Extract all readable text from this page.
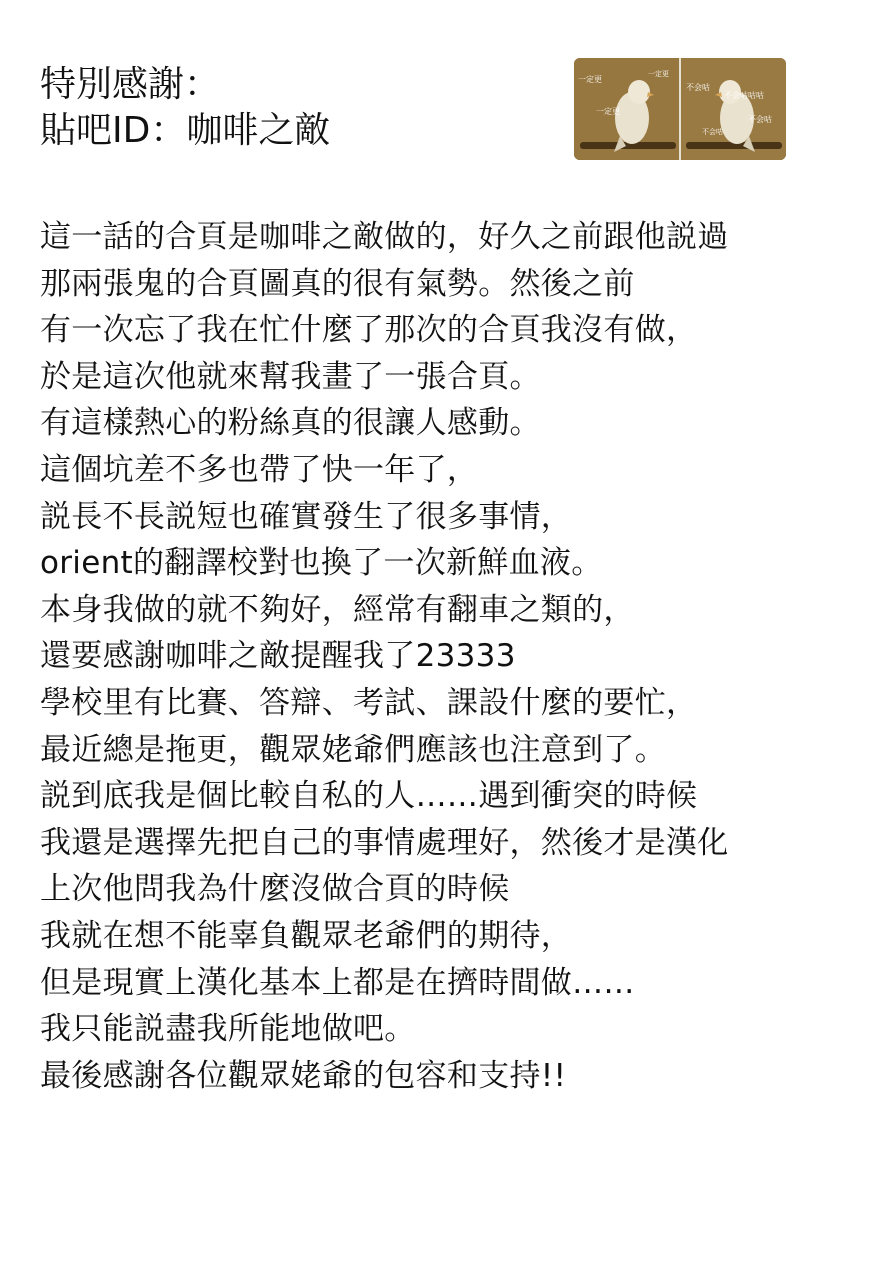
特別感謝：
貼吧ID：咖啡之敵
一定更
一定更
一定更
不会咕
不会咕咕咕
不会咕
不会咕
這一話的合頁是咖啡之敵做的，好久之前跟他説過
那兩張鬼的合頁圖真的很有氣勢。然後之前
有一次忘了我在忙什麼了那次的合頁我沒有做，
於是這次他就來幫我畫了一張合頁。
有這樣熱心的粉絲真的很讓人感動。
這個坑差不多也帶了快一年了，
説長不長説短也確實發生了很多事情，
orient的翻譯校對也換了一次新鮮血液。
本身我做的就不夠好，經常有翻車之類的，
還要感謝咖啡之敵提醒我了23333
學校里有比賽、答辯、考試、課設什麼的要忙，
最近總是拖更，觀眾姥爺們應該也注意到了。
説到底我是個比較自私的人……遇到衝突的時候
我還是選擇先把自己的事情處理好，然後才是漢化
上次他問我為什麼沒做合頁的時候
我就在想不能辜負觀眾老爺們的期待，
但是現實上漢化基本上都是在擠時間做……
我只能説盡我所能地做吧。
最後感謝各位觀眾姥爺的包容和支持!!
